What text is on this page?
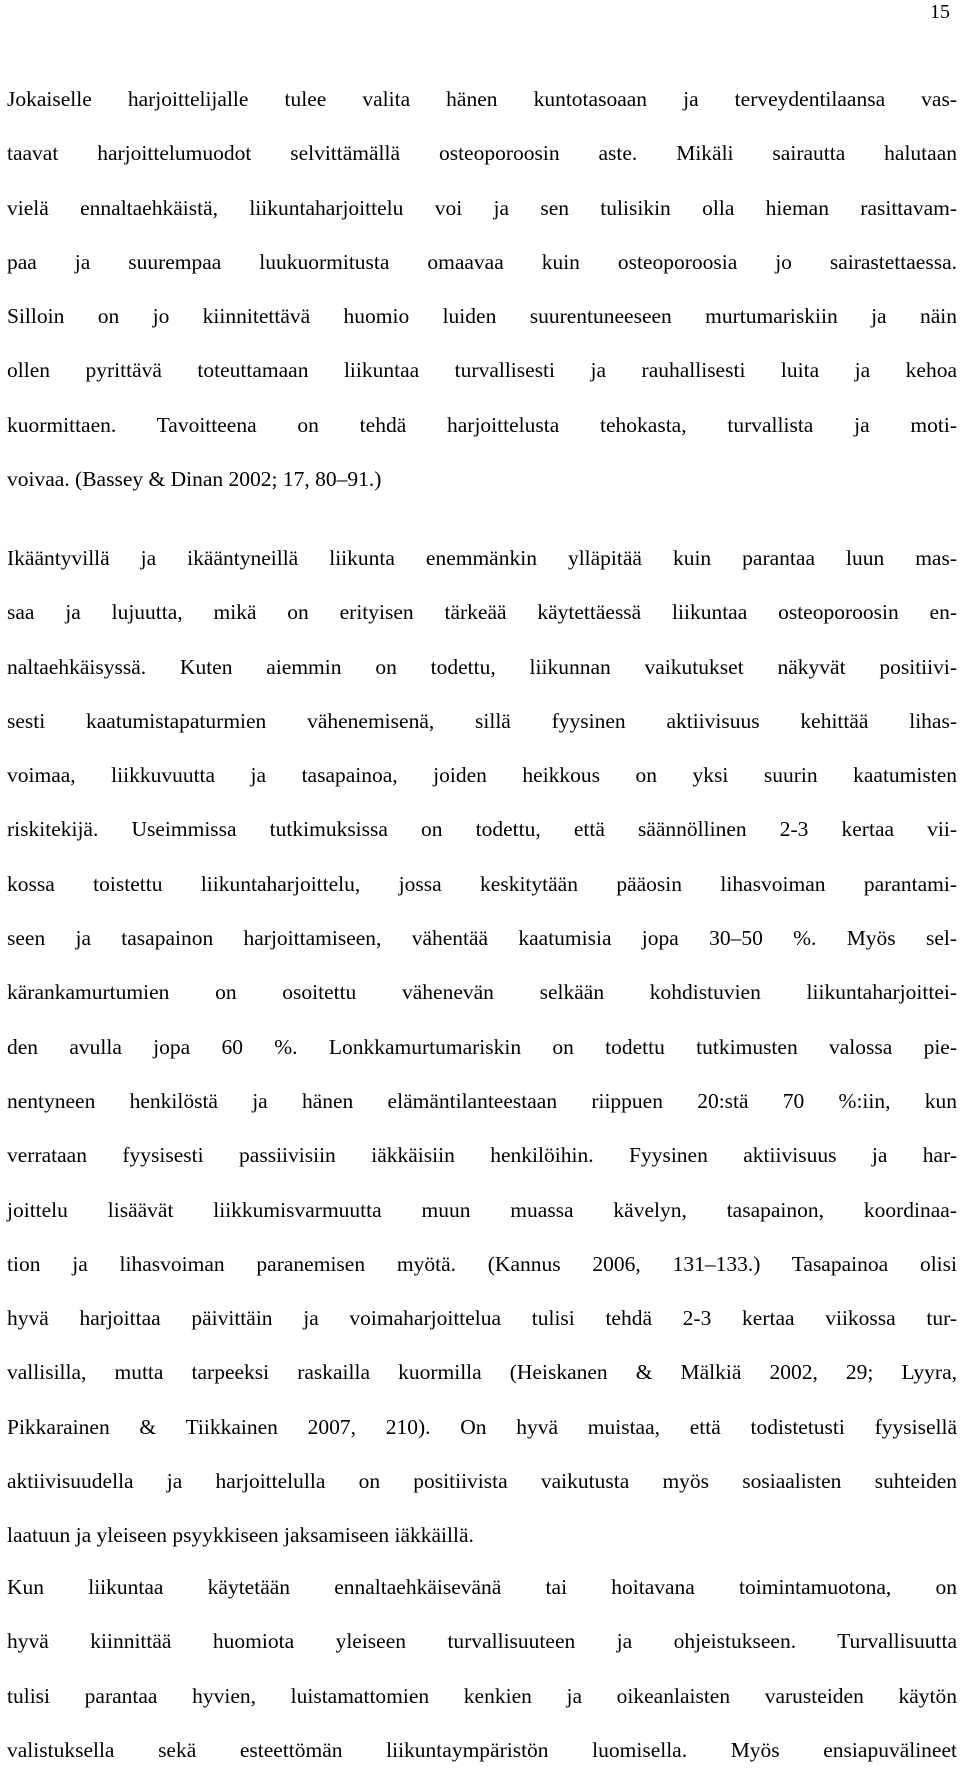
15
Jokaiselle harjoittelijalle tulee valita hänen kuntotasoaan ja terveydentilaansa vas-
taavat harjoittelumuodot selvittämällä osteoporoosin aste. Mikäli sairautta halutaan
vielä ennaltaehkäistä, liikuntaharjoittelu voi ja sen tulisikin olla hieman rasittavam-
paa ja suurempaa luukuormitusta omaavaa kuin osteoporoosia jo sairastettaessa.
Silloin on jo kiinnitettävä huomio luiden suurentuneeseen murtumariskiin ja näin
ollen pyrittävä toteuttamaan liikuntaa turvallisesti ja rauhallisesti luita ja kehoa
kuormittaen. Tavoitteena on tehdä harjoittelusta tehokasta, turvallista ja moti-
voivaa. (Bassey & Dinan 2002; 17, 80–91.)
Ikääntyvillä ja ikääntyneillä liikunta enemmänkin ylläpitää kuin parantaa luun mas-
saa ja lujuutta, mikä on erityisen tärkeää käytettäessä liikuntaa osteoporoosin en-
naltaehkäisyssä. Kuten aiemmin on todettu, liikunnan vaikutukset näkyvät positiivi-
sesti kaatumistapaturmien vähenemisenä, sillä fyysinen aktiivisuus kehittää lihas-
voimaa, liikkuvuutta ja tasapainoa, joiden heikkous on yksi suurin kaatumisten
riskitekijä. Useimmissa tutkimuksissa on todettu, että säännöllinen 2-3 kertaa vii-
kossa toistettu liikuntaharjoittelu, jossa keskitytään pääosin lihasvoiman parantami-
seen ja tasapainon harjoittamiseen, vähentää kaatumisia jopa 30–50 %. Myös sel-
kärankamurtumien on osoitettu vähenevän selkään kohdistuvien liikuntaharjoittei-
den avulla jopa 60 %. Lonkkamurtumariskin on todettu tutkimusten valossa pie-
nentyneen henkilöstä ja hänen elämäntilanteestaan riippuen 20:stä 70 %:iin, kun
verrataan fyysisesti passiivisiin iäkkäisiin henkilöihin. Fyysinen aktiivisuus ja har-
joittelu lisäävät liikkumisvarmuutta muun muassa kävelyn, tasapainon, koordinaa-
tion ja lihasvoiman paranemisen myötä. (Kannus 2006, 131–133.) Tasapainoa olisi
hyvä harjoittaa päivittäin ja voimaharjoittelua tulisi tehdä 2-3 kertaa viikossa tur-
vallisilla, mutta tarpeeksi raskailla kuormilla (Heiskanen & Mälkiä 2002, 29; Lyyra,
Pikkarainen & Tiikkainen 2007, 210). On hyvä muistaa, että todistetusti fyysisellä
aktiivisuudella ja harjoittelulla on positiivista vaikutusta myös sosiaalisten suhteiden
laatuun ja yleiseen psyykkiseen jaksamiseen iäkkäillä.
Kun liikuntaa käytetään ennaltaehkäisevänä tai hoitavana toimintamuotona, on
hyvä kiinnittää huomiota yleiseen turvallisuuteen ja ohjeistukseen. Turvallisuutta
tulisi parantaa hyvien, luistamattomien kenkien ja oikeanlaisten varusteiden käytön
valistuksella sekä esteettömän liikuntaympäristön luomisella. Myös ensiapuvälineet
